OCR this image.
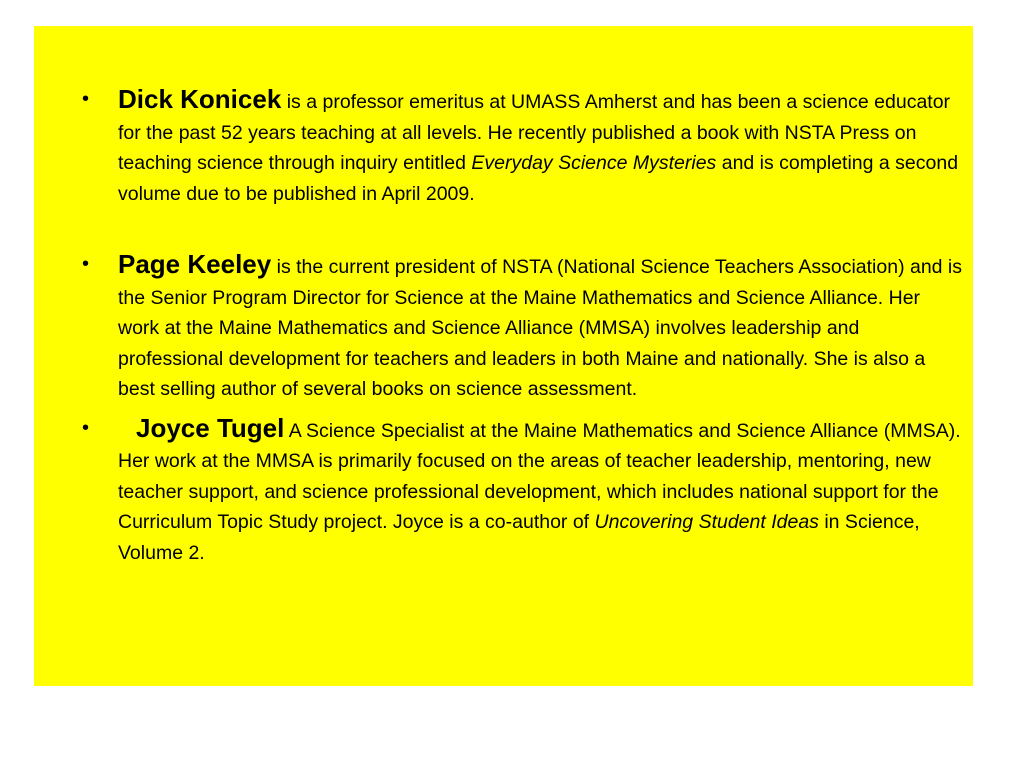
• Dick Konicek is a professor emeritus at UMASS Amherst and has been a science educator for the past 52 years teaching at all levels. He recently published a book with NSTA Press on teaching science through inquiry entitled Everyday Science Mysteries and is completing a second volume due to be published in April 2009.
• Page Keeley is the current president of NSTA (National Science Teachers Association) and is the Senior Program Director for Science at the Maine Mathematics and Science Alliance. Her work at the Maine Mathematics and Science Alliance (MMSA) involves leadership and professional development for teachers and leaders in both Maine and nationally. She is also a best selling author of several books on science assessment.
• Joyce Tugel A Science Specialist at the Maine Mathematics and Science Alliance (MMSA). Her work at the MMSA is primarily focused on the areas of teacher leadership, mentoring, new teacher support, and science professional development, which includes national support for the Curriculum Topic Study project. Joyce is a co-author of Uncovering Student Ideas in Science, Volume 2.
